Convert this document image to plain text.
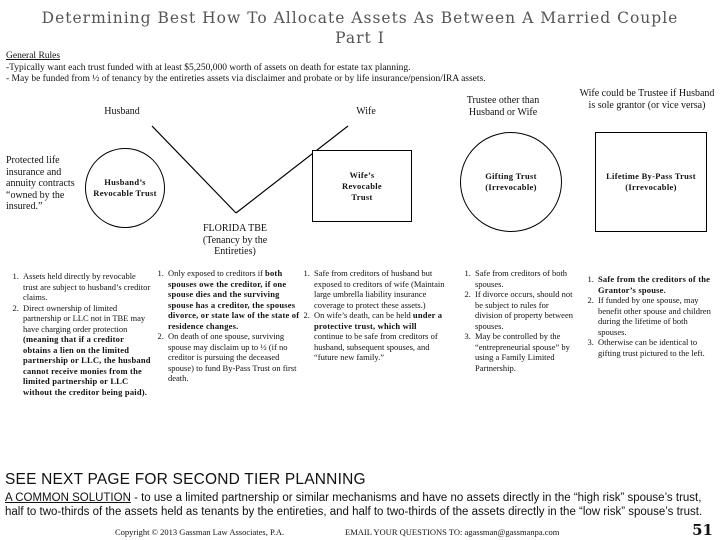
Determining Best How To Allocate Assets As Between A Married Couple
Part I
General Rules
-Typically want each trust funded with at least $5,250,000 worth of assets on death for estate tax planning.
- May be funded from ½ of tenancy by the entireties assets via disclaimer and probate or by life insurance/pension/IRA assets.
Husband	Wife
Trustee other than Husband or Wife
Wife could be Trustee if Husband is sole grantor (or vice versa)
Protected life insurance and annuity contracts “owned by the insured.”
Husband’s Revocable Trust
Wife’s Revocable Trust
Gifting Trust (Irrevocable)
Lifetime By-Pass Trust (Irrevocable)
FLORIDA TBE (Tenancy by the Entireties)
1. Assets held directly by revocable trust are subject to husband’s creditor claims.
2. Direct ownership of limited partnership or LLC not in TBE may have charging order protection (meaning that if a creditor obtains a lien on the limited partnership or LLC, the husband cannot receive monies from the limited partnership or LLC without the creditor being paid).
1. Only exposed to creditors if both spouses owe the creditor, if one spouse dies and the surviving spouse has a creditor, the spouses divorce, or state law of the state of residence changes.
2. On death of one spouse, surviving spouse may disclaim up to ½ (if no creditor is pursuing the deceased spouse) to fund By-Pass Trust on first death.
1. Safe from creditors of husband but exposed to creditors of wife (Maintain large umbrella liability insurance coverage to protect these assets.)
2. On wife’s death, can be held under a protective trust, which will continue to be safe from creditors of husband, subsequent spouses, and “future new family.”
1. Safe from creditors of both spouses.
2. If divorce occurs, should not be subject to rules for division of property between spouses.
3. May be controlled by the “entrepreneurial spouse” by using a Family Limited Partnership.
1. Safe from the creditors of the Grantor’s spouse.
2. If funded by one spouse, may benefit other spouse and children during the lifetime of both spouses.
3. Otherwise can be identical to gifting trust pictured to the left.
SEE NEXT PAGE FOR SECOND TIER PLANNING
A COMMON SOLUTION - to use a limited partnership or similar mechanisms and have no assets directly in the “high risk” spouse’s trust, half to two-thirds of the assets held as tenants by the entireties, and half to two-thirds of the assets directly in the “low risk” spouse’s trust.
Copyright © 2013 Gassman Law Associates, P.A.	EMAIL YOUR QUESTIONS TO: agassman@gassmanpa.com	51
